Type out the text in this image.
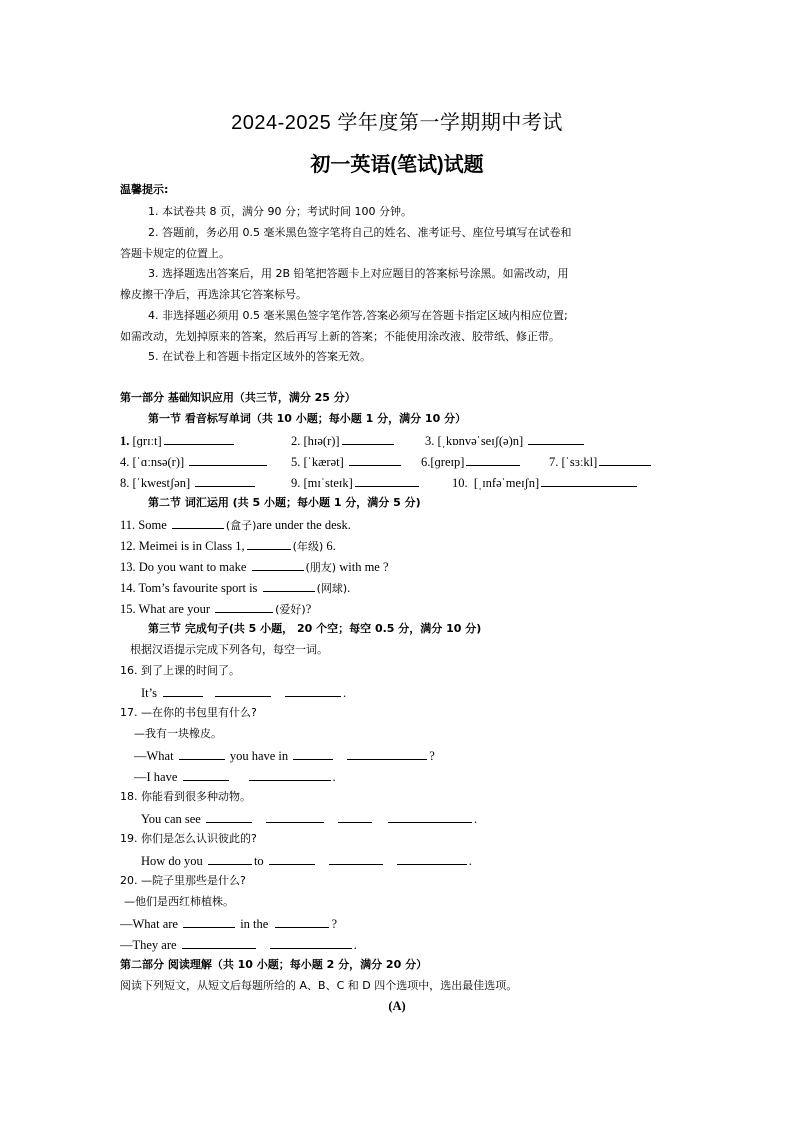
2024-2025 学年度第一学期期中考试
初一英语(笔试)试题
温馨提示:
1. 本试卷共 8 页，满分 90 分；考试时间 100 分钟。
2. 答题前，务必用 0.5 毫米黑色签字笔将自己的姓名、准考证号、座位号填写在试卷和
答题卡规定的位置上。
3. 选择题选出答案后，用 2B 铅笔把答题卡上对应题目的答案标号涂黑。如需改动，用
橡皮擦干净后，再选涂其它答案标号。
4. 非选择题必须用 0.5 毫米黑色签字笔作答,答案必须写在答题卡指定区域内相应位置;
如需改动，先划掉原来的答案，然后再写上新的答案；不能使用涂改液、胶带纸、修正带。
5. 在试卷上和答题卡指定区域外的答案无效。
第一部分 基础知识应用（共三节，满分 25 分）
第一节 看音标写单词（共 10 小题；每小题 1 分，满分 10 分）
1. [ɡrɪːt]	2. [hɪə(r)]	3. [ˌkɒnvəˈseɪʃ(ə)n]
4. [ˈɑːnsə(r)]	5. [ˈkærət]	6.[ɡreɪp]	7. [ˈsɜːkl]
8. [ˈkwestʃən]	9. [mɪˈsteɪk]	10. [ˌɪnfəˈmeɪʃn]
第二节 词汇运用 (共 5 小题；每小题 1 分，满分 5 分)
11. Some	(盒子)are under the desk.
12. Meimei is in Class 1,	(年级) 6.
13. Do you want to make	(朋友) with me ?
14. Tom’s favourite sport is	(网球).
15. What are your	(爱好)?
第三节 完成句子(共 5 小题， 20 个空；每空 0.5 分，满分 10 分)
根据汉语提示完成下列各句，每空一词。
16. 到了上课的时间了。
It’s	.
17. —在你的书包里有什么?
—我有一块橡皮。
—What	you have in	?
—I have	.
18. 你能看到很多种动物。
You can see	.
19. 你们是怎么认识彼此的?
How do you	to	.
20. —院子里那些是什么?
—他们是西红柿植株。
—What are	in the	?
—They are	.
第二部分 阅读理解（共 10 小题；每小题 2 分，满分 20 分）
阅读下列短文，从短文后每题所给的 A、B、C 和 D 四个选项中，选出最佳选项。
(A)
